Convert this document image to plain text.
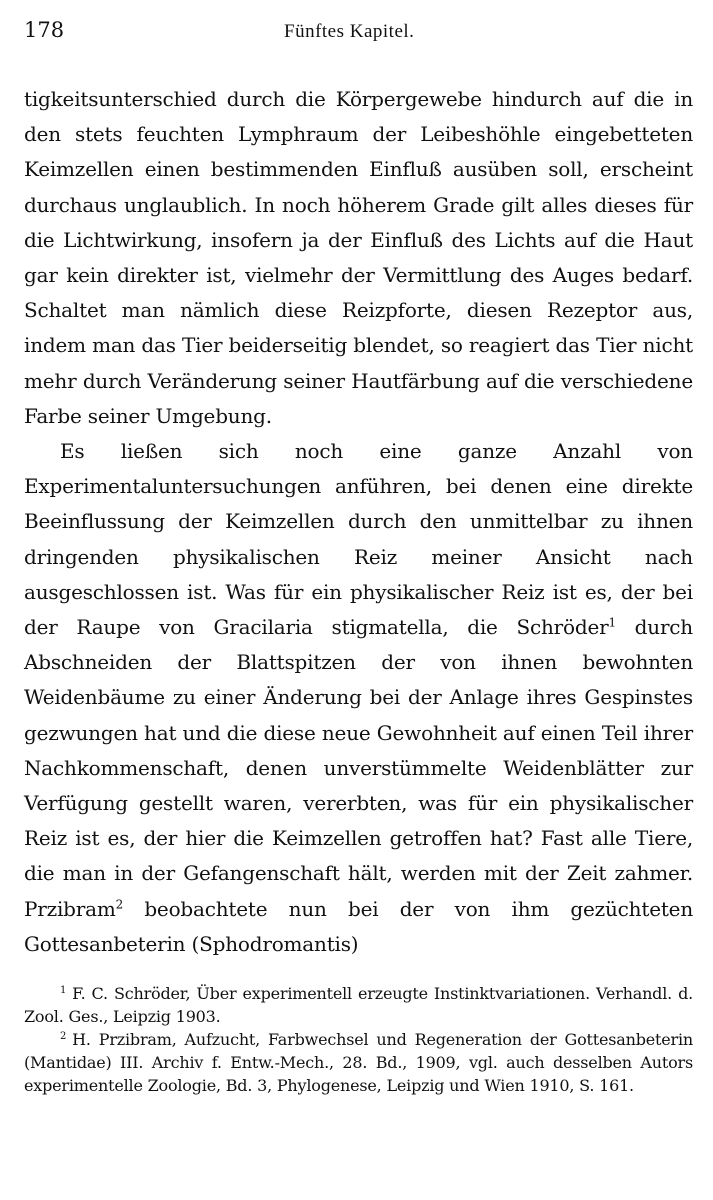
178	Fünftes Kapitel.

tigkeitsunterschied durch die Körpergewebe hindurch auf die in den stets feuchten Lymphraum der Leibeshöhle eingebetteten Keimzellen einen bestimmenden Einfluß ausüben soll, erscheint durchaus unglaublich. In noch höherem Grade gilt alles dieses für die Lichtwirkung, insofern ja der Einfluß des Lichts auf die Haut gar kein direkter ist, vielmehr der Vermittlung des Auges bedarf. Schaltet man nämlich diese Reizpforte, diesen Rezeptor aus, indem man das Tier beiderseitig blendet, so reagiert das Tier nicht mehr durch Veränderung seiner Hautfärbung auf die verschiedene Farbe seiner Umgebung.

Es ließen sich noch eine ganze Anzahl von Experimentaluntersuchungen anführen, bei denen eine direkte Beeinflussung der Keimzellen durch den unmittelbar zu ihnen dringenden physikalischen Reiz meiner Ansicht nach ausgeschlossen ist. Was für ein physikalischer Reiz ist es, der bei der Raupe von Gracilaria stigmatella, die Schröder$^1$ durch Abschneiden der Blattspitzen der von ihnen bewohnten Weidenbäume zu einer Änderung bei der Anlage ihres Gespinstes gezwungen hat und die diese neue Gewohnheit auf einen Teil ihrer Nachkommenschaft, denen unverstümmelte Weidenblätter zur Verfügung gestellt waren, vererbten, was für ein physikalischer Reiz ist es, der hier die Keimzellen getroffen hat? Fast alle Tiere, die man in der Gefangenschaft hält, werden mit der Zeit zahmer. Przibram$^2$ beobachtete nun bei der von ihm gezüchteten Gottesanbeterin (Sphodromantis)

$^1$ F. C. Schröder, Über experimentell erzeugte Instinktvariationen. Verhandl. d. Zool. Ges., Leipzig 1903.

$^2$ H. Przibram, Aufzucht, Farbwechsel und Regeneration der Gottesanbeterin (Mantidae) III. Archiv f. Entw.-Mech., 28. Bd., 1909, vgl. auch desselben Autors experimentelle Zoologie, Bd. 3, Phylogenese, Leipzig und Wien 1910, S. 161.
